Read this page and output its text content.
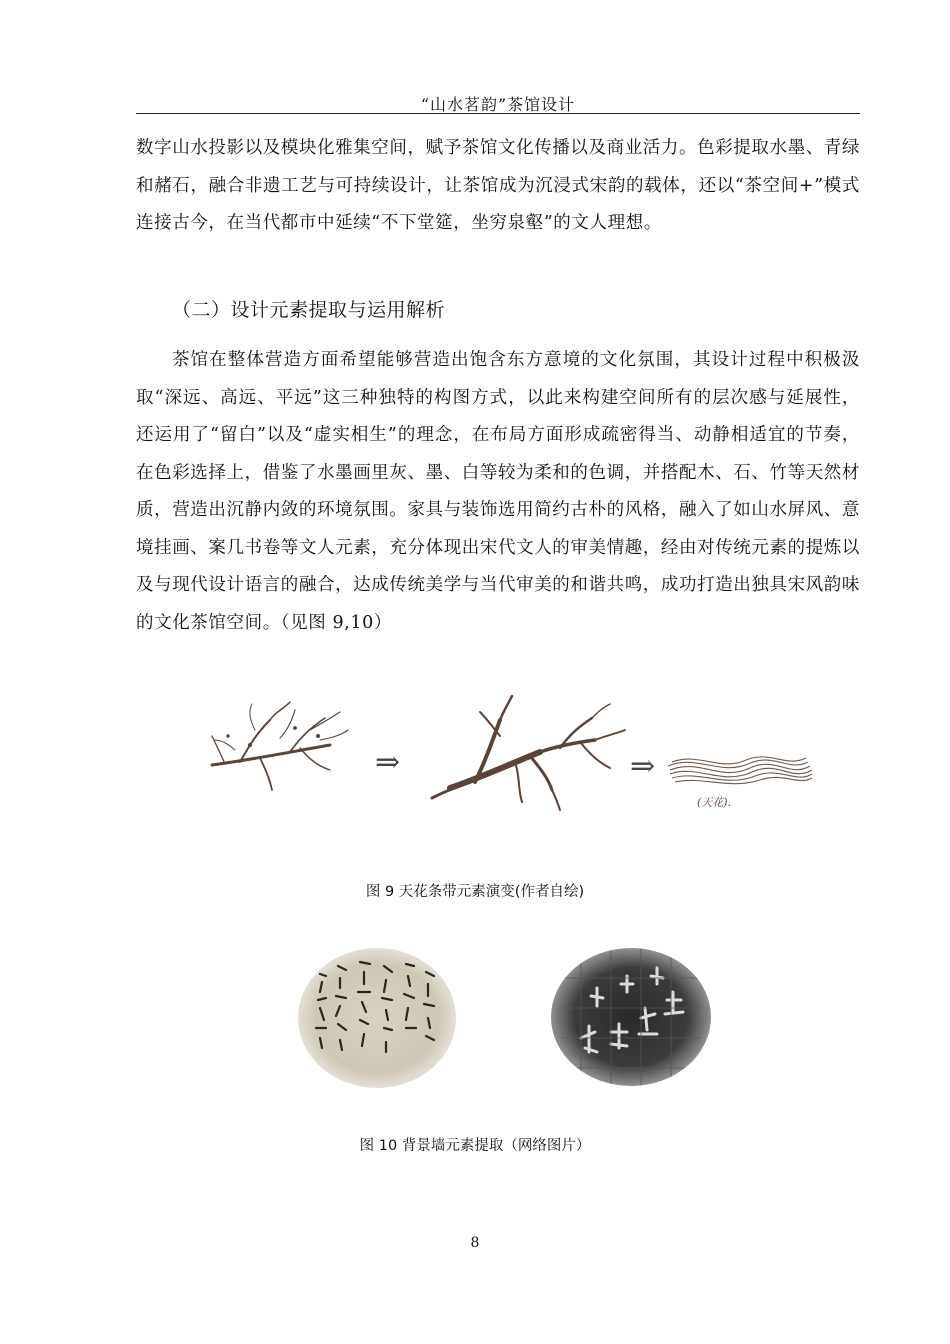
“山水茗韵”茶馆设计

数字山水投影以及模块化雅集空间，赋予茶馆文化传播以及商业活力。色彩提取水墨、青绿和赭石，融合非遗工艺与可持续设计，让茶馆成为沉浸式宋韵的载体，还以“茶空间+”模式连接古今，在当代都市中延续“不下堂筵，坐穷泉壑”的文人理想。

（二）设计元素提取与运用解析

茶馆在整体营造方面希望能够营造出饱含东方意境的文化氛围，其设计过程中积极汲取“深远、高远、平远”这三种独特的构图方式，以此来构建空间所有的层次感与延展性，还运用了“留白”以及“虚实相生”的理念，在布局方面形成疏密得当、动静相适宜的节奏，在色彩选择上，借鉴了水墨画里灰、墨、白等较为柔和的色调，并搭配木、石、竹等天然材质，营造出沉静内敛的环境氛围。家具与装饰选用简约古朴的风格，融入了如山水屏风、意境挂画、案几书卷等文人元素，充分体现出宋代文人的审美情趣，经由对传统元素的提炼以及与现代设计语言的融合，达成传统美学与当代审美的和谐共鸣，成功打造出独具宋风韵味的文化茶馆空间。（见图 9,10）

⇒	⇒
(天花).
图 9 天花条带元素演变(作者自绘)
图 10 背景墙元素提取（网络图片）
8
